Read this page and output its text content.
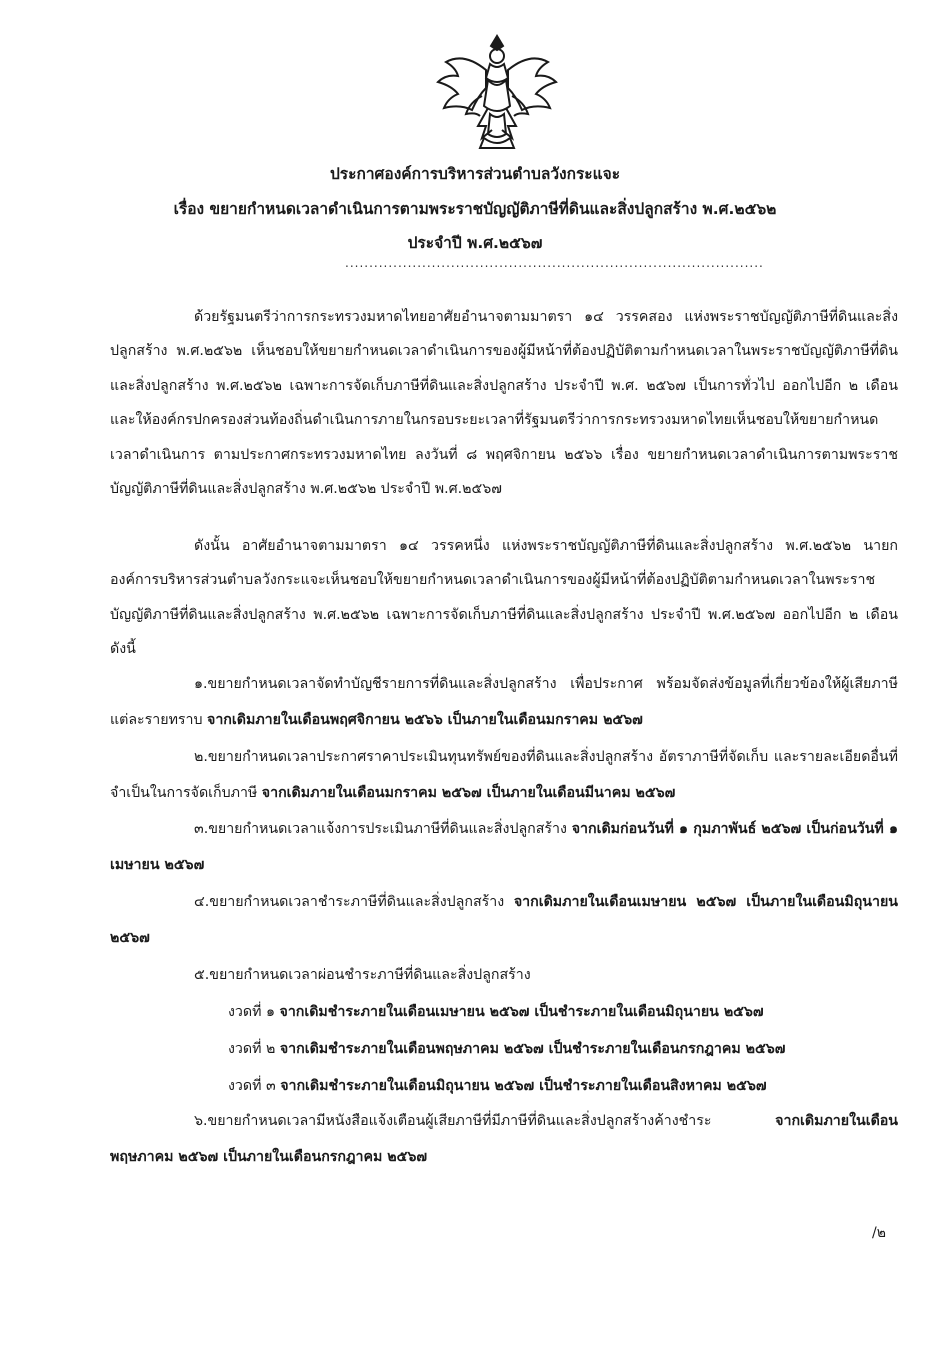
ประกาศองค์การบริหารส่วนตำบลวังกระแจะ
เรื่อง ขยายกำหนดเวลาดำเนินการตามพระราชบัญญัติภาษีที่ดินและสิ่งปลูกสร้าง พ.ศ.๒๕๖๒
ประจำปี พ.ศ.๒๕๖๗
.......................................................................................
ด้วยรัฐมนตรีว่าการกระทรวงมหาดไทยอาศัยอำนาจตามมาตรา ๑๔ วรรคสอง แห่งพระราชบัญญัติภาษีที่ดินและสิ่งปลูกสร้าง พ.ศ.๒๕๖๒ เห็นชอบให้ขยายกำหนดเวลาดำเนินการของผู้มีหน้าที่ต้องปฏิบัติตามกำหนดเวลาในพระราชบัญญัติภาษีที่ดินและสิ่งปลูกสร้าง พ.ศ.๒๕๖๒ เฉพาะการจัดเก็บภาษีที่ดินและสิ่งปลูกสร้าง ประจำปี พ.ศ. ๒๕๖๗ เป็นการทั่วไป ออกไปอีก ๒ เดือน และให้องค์กรปกครองส่วนท้องถิ่นดำเนินการภายในกรอบระยะเวลาที่รัฐมนตรีว่าการกระทรวงมหาดไทยเห็นชอบให้ขยายกำหนดเวลาดำเนินการ ตามประกาศกระทรวงมหาดไทย ลงวันที่ ๘ พฤศจิกายน ๒๕๖๖ เรื่อง ขยายกำหนดเวลาดำเนินการตามพระราชบัญญัติภาษีที่ดินและสิ่งปลูกสร้าง พ.ศ.๒๕๖๒ ประจำปี พ.ศ.๒๕๖๗
ดังนั้น อาศัยอำนาจตามมาตรา ๑๔ วรรคหนึ่ง แห่งพระราชบัญญัติภาษีที่ดินและสิ่งปลูกสร้าง พ.ศ.๒๕๖๒ นายกองค์การบริหารส่วนตำบลวังกระแจะเห็นชอบให้ขยายกำหนดเวลาดำเนินการของผู้มีหน้าที่ต้องปฏิบัติตามกำหนดเวลาในพระราชบัญญัติภาษีที่ดินและสิ่งปลูกสร้าง พ.ศ.๒๕๖๒ เฉพาะการจัดเก็บภาษีที่ดินและสิ่งปลูกสร้าง ประจำปี พ.ศ.๒๕๖๗ ออกไปอีก ๒ เดือน ดังนี้
๑.ขยายกำหนดเวลาจัดทำบัญชีรายการที่ดินและสิ่งปลูกสร้าง เพื่อประกาศ พร้อมจัดส่งข้อมูลที่เกี่ยวข้องให้ผู้เสียภาษีแต่ละรายทราบ จากเดิมภายในเดือนพฤศจิกายน ๒๕๖๖ เป็นภายในเดือนมกราคม ๒๕๖๗
๒.ขยายกำหนดเวลาประกาศราคาประเมินทุนทรัพย์ของที่ดินและสิ่งปลูกสร้าง อัตราภาษีที่จัดเก็บ และรายละเอียดอื่นที่จำเป็นในการจัดเก็บภาษี จากเดิมภายในเดือนมกราคม ๒๕๖๗ เป็นภายในเดือนมีนาคม ๒๕๖๗
๓.ขยายกำหนดเวลาแจ้งการประเมินภาษีที่ดินและสิ่งปลูกสร้าง จากเดิมก่อนวันที่ ๑ กุมภาพันธ์ ๒๕๖๗ เป็นก่อนวันที่ ๑ เมษายน ๒๕๖๗
๔.ขยายกำหนดเวลาชำระภาษีที่ดินและสิ่งปลูกสร้าง จากเดิมภายในเดือนเมษายน ๒๕๖๗ เป็นภายในเดือนมิถุนายน ๒๕๖๗
๕.ขยายกำหนดเวลาผ่อนชำระภาษีที่ดินและสิ่งปลูกสร้าง
งวดที่ ๑ จากเดิมชำระภายในเดือนเมษายน ๒๕๖๗ เป็นชำระภายในเดือนมิถุนายน ๒๕๖๗
งวดที่ ๒ จากเดิมชำระภายในเดือนพฤษภาคม ๒๕๖๗ เป็นชำระภายในเดือนกรกฎาคม ๒๕๖๗
งวดที่ ๓ จากเดิมชำระภายในเดือนมิถุนายน ๒๕๖๗ เป็นชำระภายในเดือนสิงหาคม ๒๕๖๗
๖.ขยายกำหนดเวลามีหนังสือแจ้งเตือนผู้เสียภาษีที่มีภาษีที่ดินและสิ่งปลูกสร้างค้างชำระ จากเดิมภายในเดือนพฤษภาคม ๒๕๖๗ เป็นภายในเดือนกรกฎาคม ๒๕๖๗
/๒
